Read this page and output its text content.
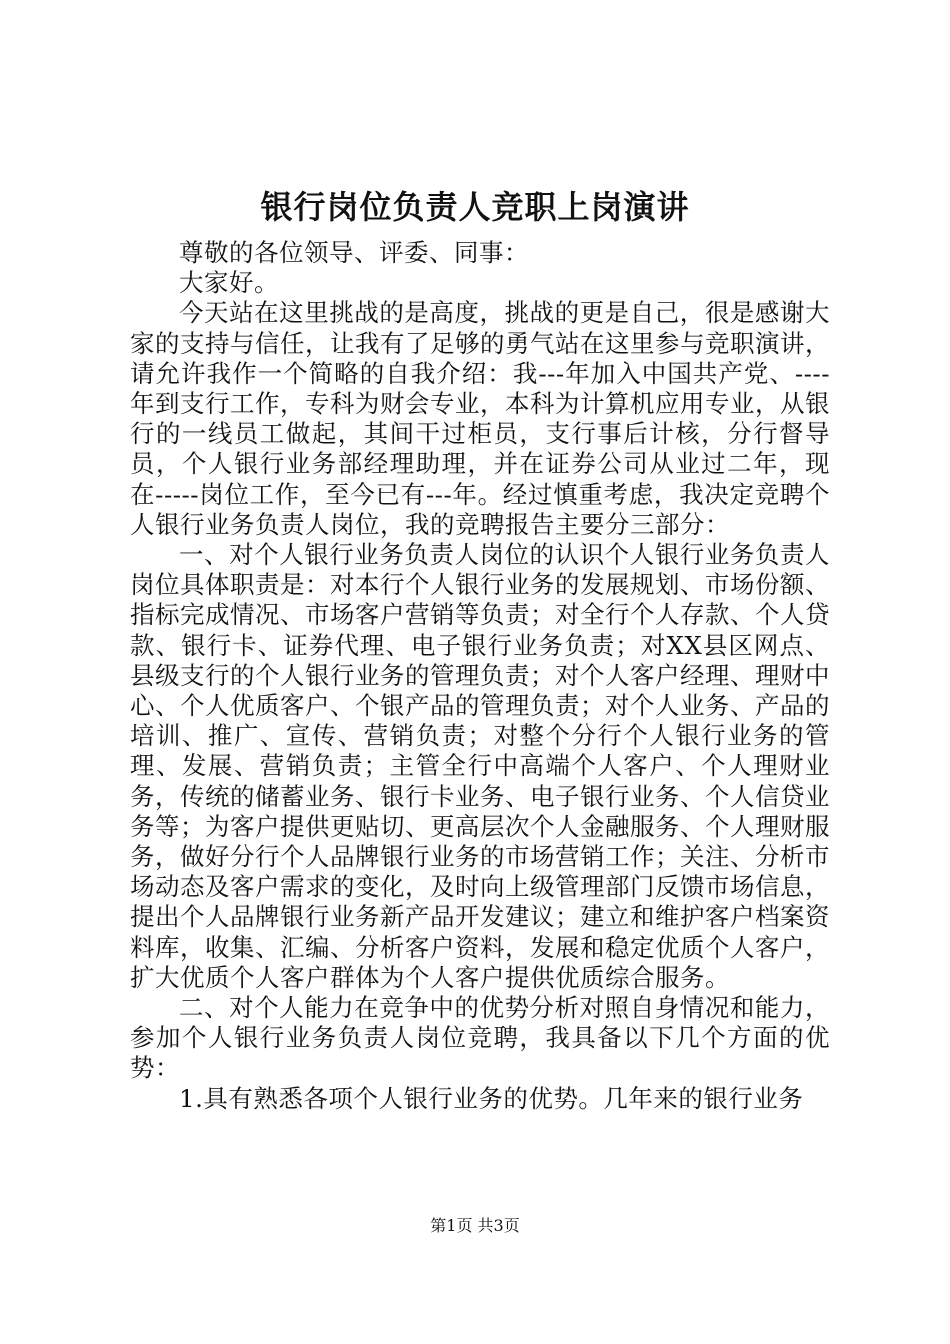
银行岗位负责人竞职上岗演讲

尊敬的各位领导、评委、同事：

大家好。

今天站在这里挑战的是高度，挑战的更是自己，很是感谢大家的支持与信任，让我有了足够的勇气站在这里参与竞职演讲，请允许我作一个简略的自我介绍：我---年加入中国共产党、----年到支行工作，专科为财会专业，本科为计算机应用专业，从银行的一线员工做起，其间干过柜员，支行事后计核，分行督导员，个人银行业务部经理助理，并在证券公司从业过二年，现在-----岗位工作，至今已有---年。经过慎重考虑，我决定竞聘个人银行业务负责人岗位，我的竞聘报告主要分三部分：

一、对个人银行业务负责人岗位的认识个人银行业务负责人岗位具体职责是：对本行个人银行业务的发展规划、市场份额、指标完成情况、市场客户营销等负责；对全行个人存款、个人贷款、银行卡、证券代理、电子银行业务负责；对XX县区网点、县级支行的个人银行业务的管理负责；对个人客户经理、理财中心、个人优质客户、个银产品的管理负责；对个人业务、产品的培训、推广、宣传、营销负责；对整个分行个人银行业务的管理、发展、营销负责；主管全行中高端个人客户、个人理财业务，传统的储蓄业务、银行卡业务、电子银行业务、个人信贷业务等；为客户提供更贴切、更高层次个人金融服务、个人理财服务，做好分行个人品牌银行业务的市场营销工作；关注、分析市场动态及客户需求的变化，及时向上级管理部门反馈市场信息，提出个人品牌银行业务新产品开发建议；建立和维护客户档案资料库，收集、汇编、分析客户资料，发展和稳定优质个人客户，扩大优质个人客户群体为个人客户提供优质综合服务。

二、对个人能力在竞争中的优势分析对照自身情况和能力，参加个人银行业务负责人岗位竞聘，我具备以下几个方面的优势：

1.具有熟悉各项个人银行业务的优势。几年来的银行业务

第1页 共3页
